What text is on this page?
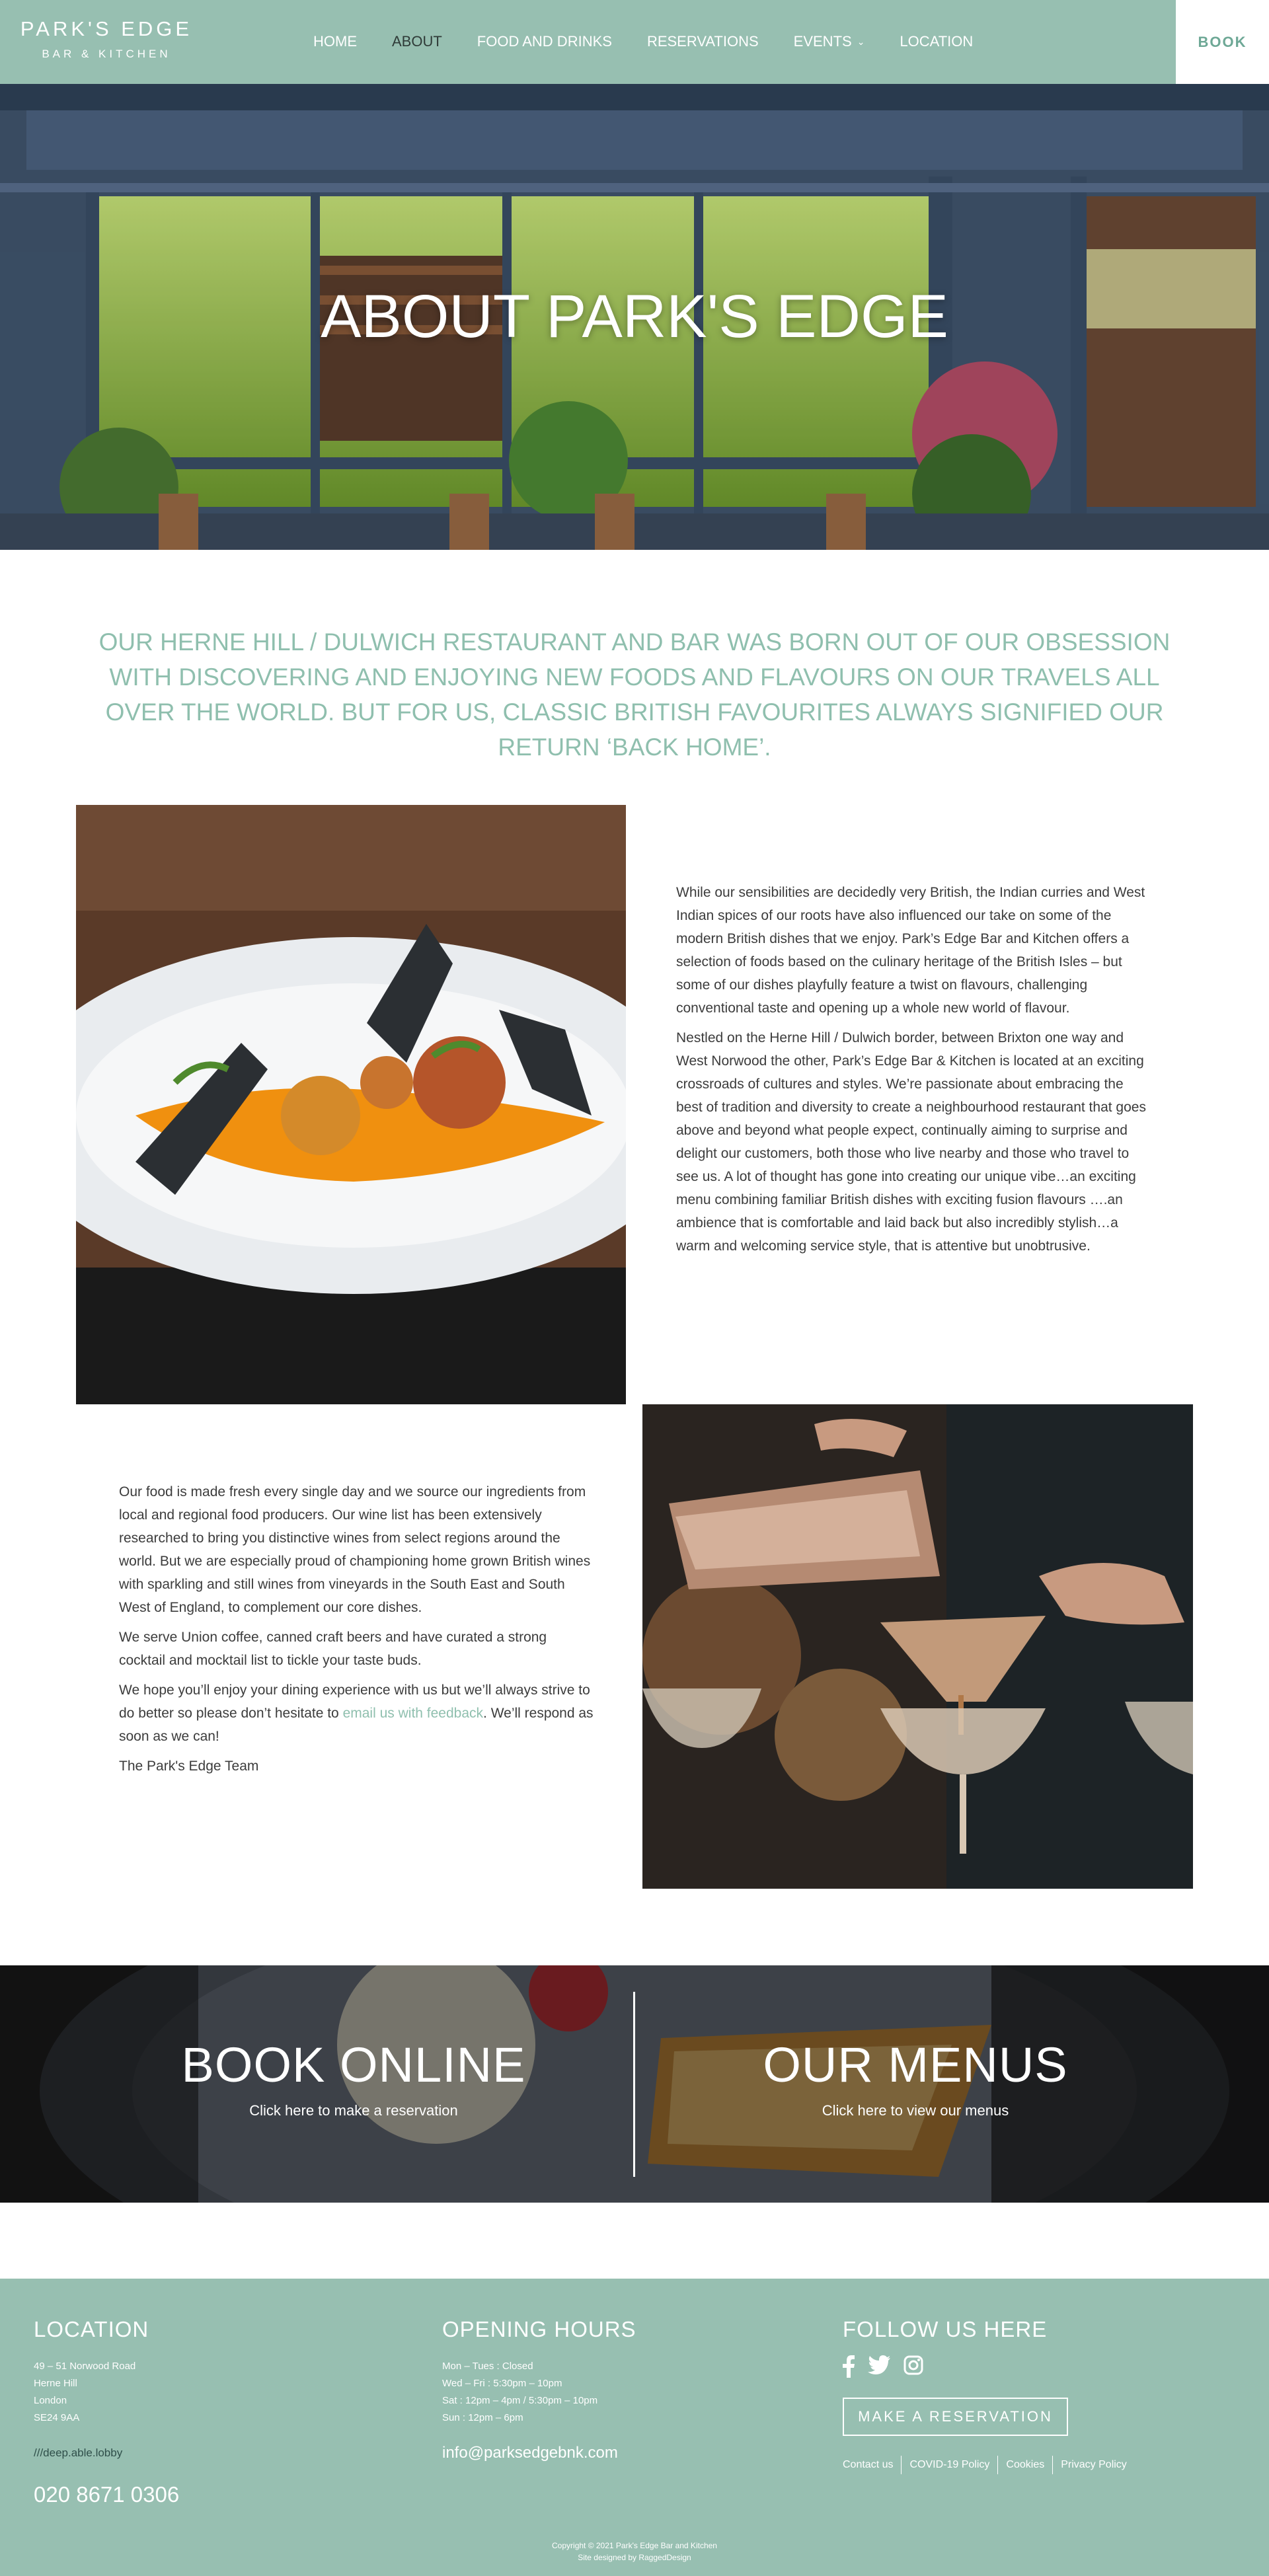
PARK'S EDGE
BAR & KITCHEN
HOME ABOUT FOOD AND DRINKS RESERVATIONS EVENTS ⌄ LOCATION	BOOK
ABOUT PARK'S EDGE
OUR HERNE HILL / DULWICH RESTAURANT AND BAR WAS BORN OUT OF OUR OBSESSION WITH DISCOVERING AND ENJOYING NEW FOODS AND FLAVOURS ON OUR TRAVELS ALL OVER THE WORLD. BUT FOR US, CLASSIC BRITISH FAVOURITES ALWAYS SIGNIFIED OUR RETURN ‘BACK HOME’.

While our sensibilities are decidedly very British, the Indian curries and West Indian spices of our roots have also influenced our take on some of the modern British dishes that we enjoy. Park’s Edge Bar and Kitchen offers a selection of foods based on the culinary heritage of the British Isles – but some of our dishes playfully feature a twist on flavours, challenging conventional taste and opening up a whole new world of flavour.

Nestled on the Herne Hill / Dulwich border, between Brixton one way and West Norwood the other, Park’s Edge Bar & Kitchen is located at an exciting crossroads of cultures and styles. We’re passionate about embracing the best of tradition and diversity to create a neighbourhood restaurant that goes above and beyond what people expect, continually aiming to surprise and delight our customers, both those who live nearby and those who travel to see us. A lot of thought has gone into creating our unique vibe…an exciting menu combining familiar British dishes with exciting fusion flavours ….an ambience that is comfortable and laid back but also incredibly stylish…a warm and welcoming service style, that is attentive but unobtrusive.

Our food is made fresh every single day and we source our ingredients from local and regional food producers. Our wine list has been extensively researched to bring you distinctive wines from select regions around the world. But we are especially proud of championing home grown British wines with sparkling and still wines from vineyards in the South East and South West of England, to complement our core dishes.

We serve Union coffee, canned craft beers and have curated a strong cocktail and mocktail list to tickle your taste buds.

We hope you’ll enjoy your dining experience with us but we’ll always strive to do better so please don’t hesitate to email us with feedback. We’ll respond as soon as we can!

The Park's Edge Team

BOOK ONLINE
Click here to make a reservation
OUR MENUS
Click here to view our menus
LOCATION
49 – 51 Norwood Road
Herne Hill
London
SE24 9AA
///deep.able.lobby
020 8671 0306
OPENING HOURS
Mon – Tues : Closed
Wed – Fri : 5:30pm – 10pm
Sat : 12pm – 4pm / 5:30pm – 10pm
Sun : 12pm – 6pm
info@parksedgebnk.com
FOLLOW US HERE
MAKE A RESERVATION
Contact us	COVID-19 Policy	Cookies	Privacy Policy
Copyright © 2021 Park's Edge Bar and Kitchen
Site designed by RaggedDesign
